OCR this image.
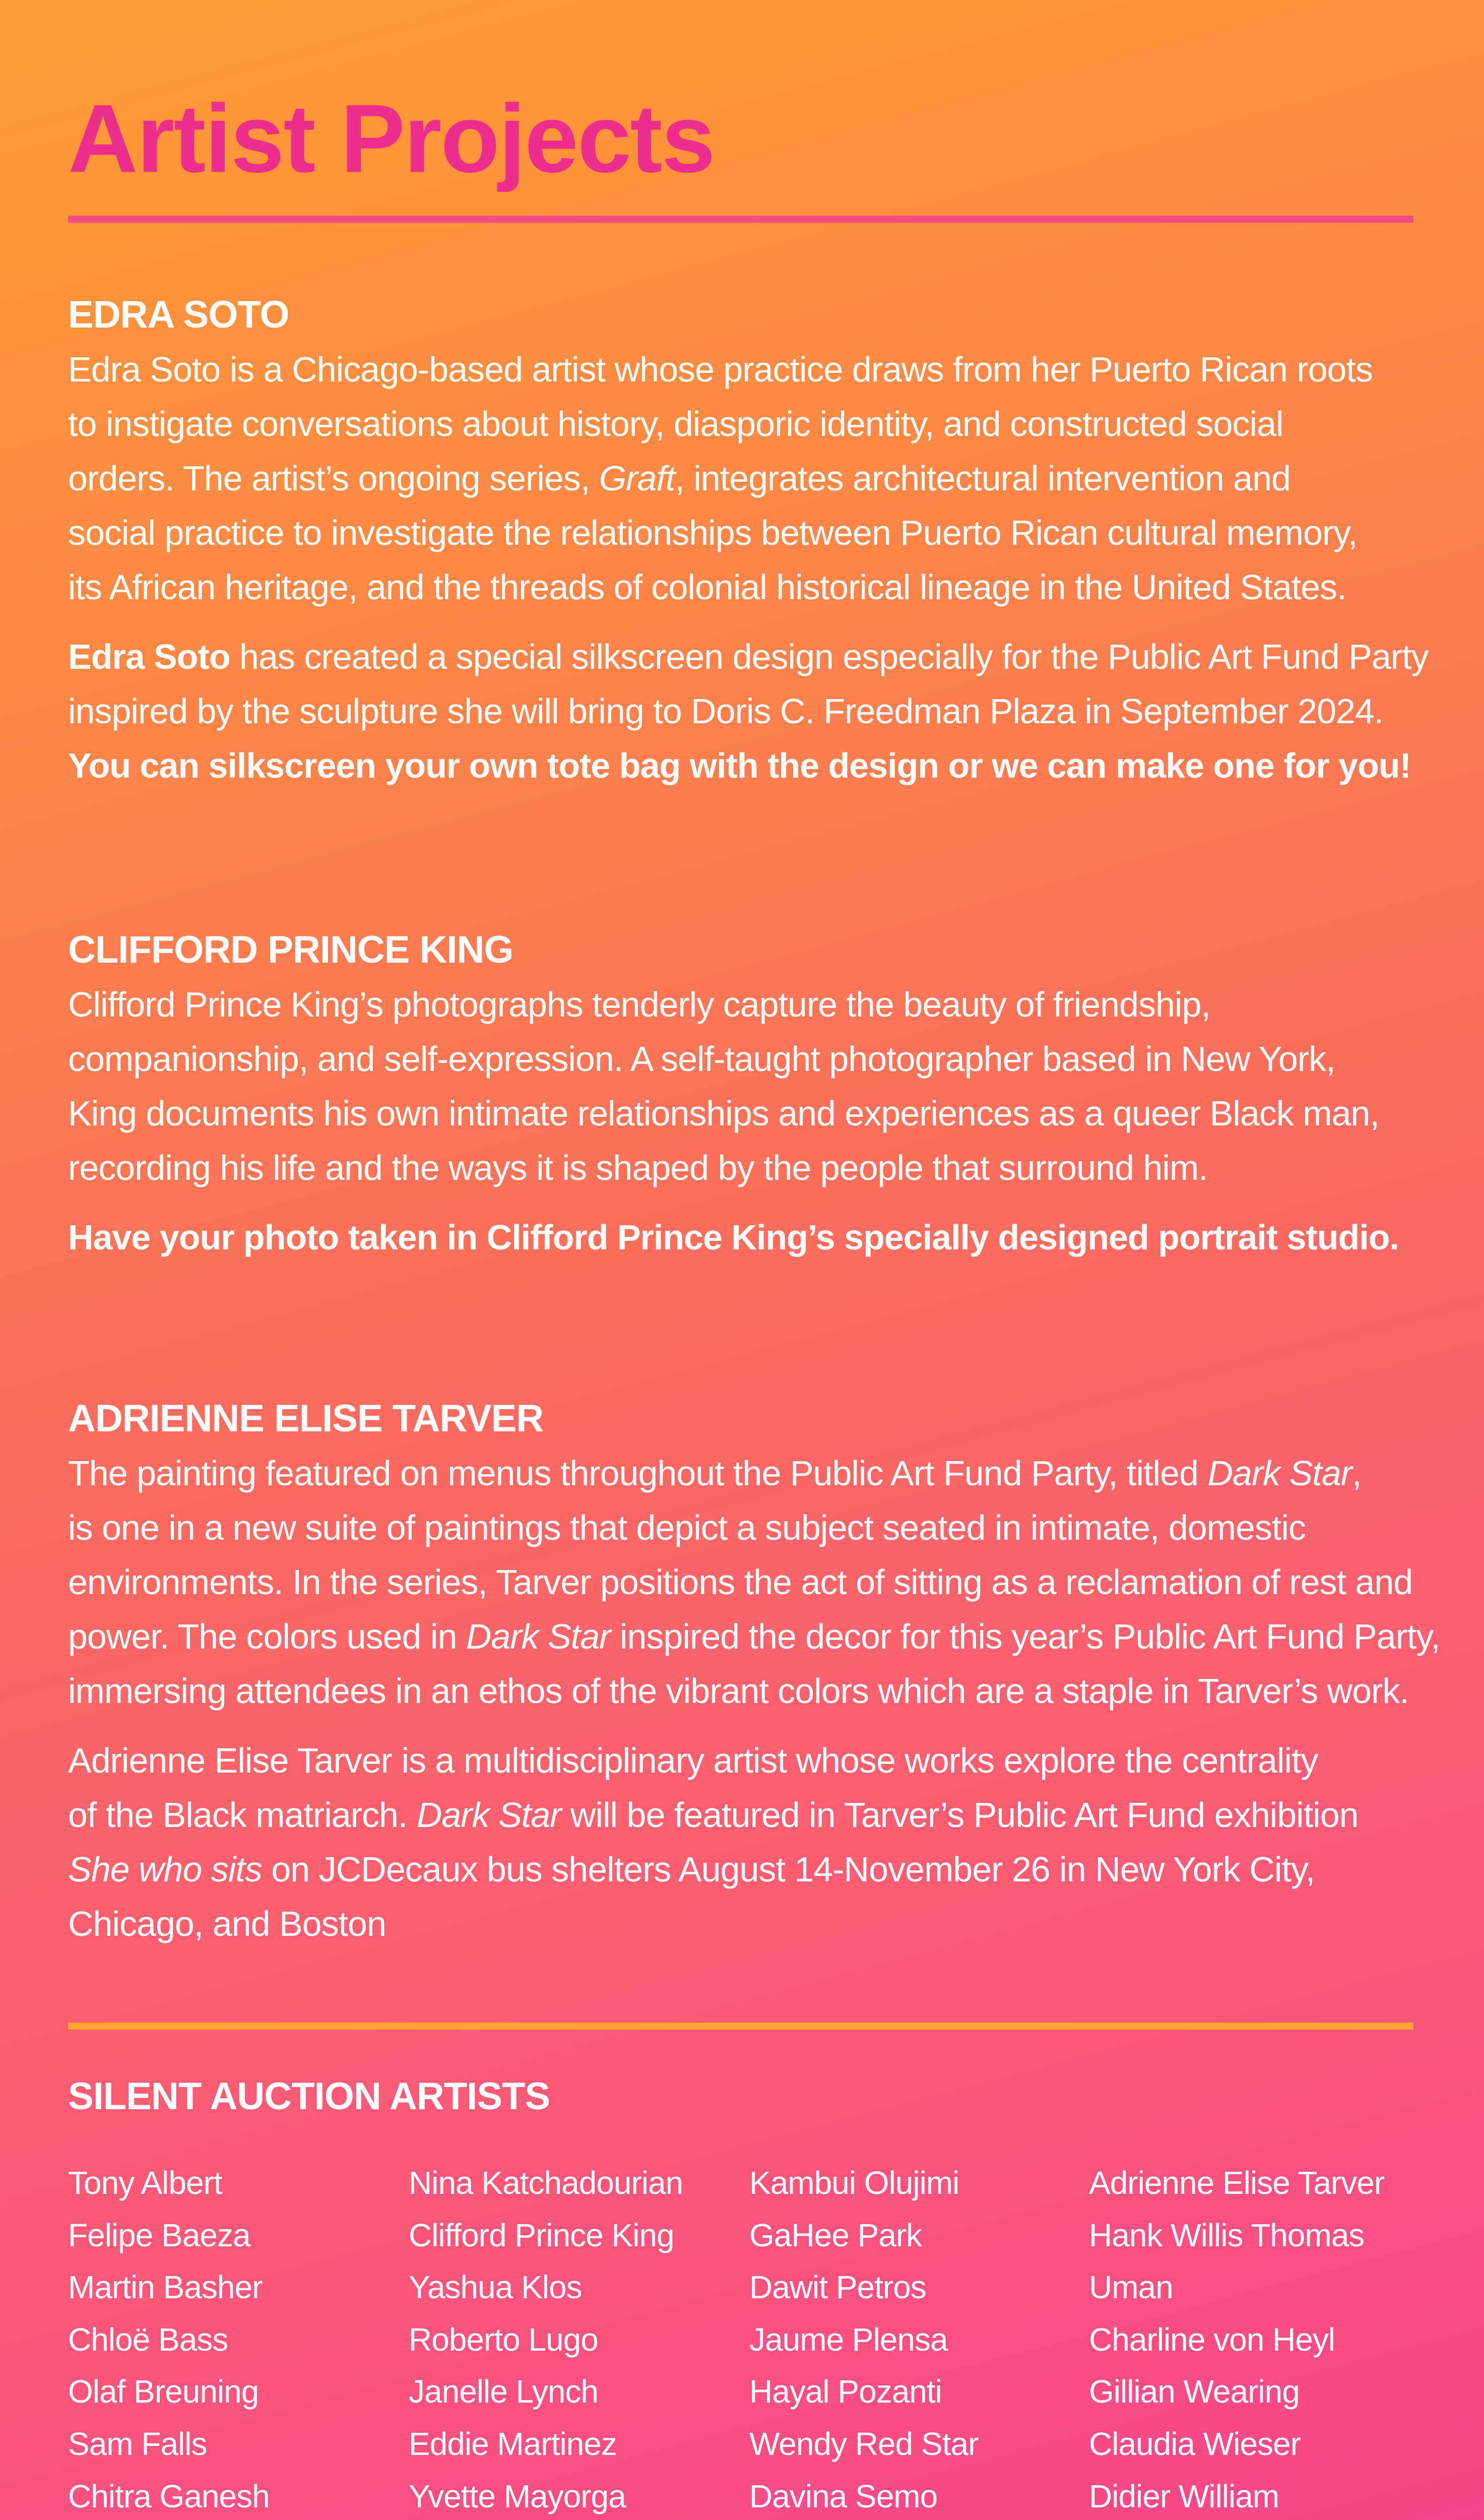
Artist Projects
EDRA SOTO
Edra Soto is a Chicago-based artist whose practice draws from her Puerto Rican roots
to instigate conversations about history, diasporic identity, and constructed social
orders. The artist’s ongoing series, Graft, integrates architectural intervention and
social practice to investigate the relationships between Puerto Rican cultural memory,
its African heritage, and the threads of colonial historical lineage in the United States.
Edra Soto has created a special silkscreen design especially for the Public Art Fund Party
inspired by the sculpture she will bring to Doris C. Freedman Plaza in September 2024.
You can silkscreen your own tote bag with the design or we can make one for you!
CLIFFORD PRINCE KING
Clifford Prince King’s photographs tenderly capture the beauty of friendship,
companionship, and self-expression. A self-taught photographer based in New York,
King documents his own intimate relationships and experiences as a queer Black man,
recording his life and the ways it is shaped by the people that surround him.
Have your photo taken in Clifford Prince King’s specially designed portrait studio.
ADRIENNE ELISE TARVER
The painting featured on menus throughout the Public Art Fund Party, titled Dark Star,
is one in a new suite of paintings that depict a subject seated in intimate, domestic
environments. In the series, Tarver positions the act of sitting as a reclamation of rest and
power. The colors used in Dark Star inspired the decor for this year’s Public Art Fund Party,
immersing attendees in an ethos of the vibrant colors which are a staple in Tarver’s work.
Adrienne Elise Tarver is a multidisciplinary artist whose works explore the centrality
of the Black matriarch. Dark Star will be featured in Tarver’s Public Art Fund exhibition
She who sits on JCDecaux bus shelters August 14-November 26 in New York City,
Chicago, and Boston
SILENT AUCTION ARTISTS
Tony Albert
Felipe Baeza
Martin Basher
Chloë Bass
Olaf Breuning
Sam Falls
Chitra Ganesh
Nina Katchadourian
Clifford Prince King
Yashua Klos
Roberto Lugo
Janelle Lynch
Eddie Martinez
Yvette Mayorga
Kambui Olujimi
GaHee Park
Dawit Petros
Jaume Plensa
Hayal Pozanti
Wendy Red Star
Davina Semo
Adrienne Elise Tarver
Hank Willis Thomas
Uman
Charline von Heyl
Gillian Wearing
Claudia Wieser
Didier William
